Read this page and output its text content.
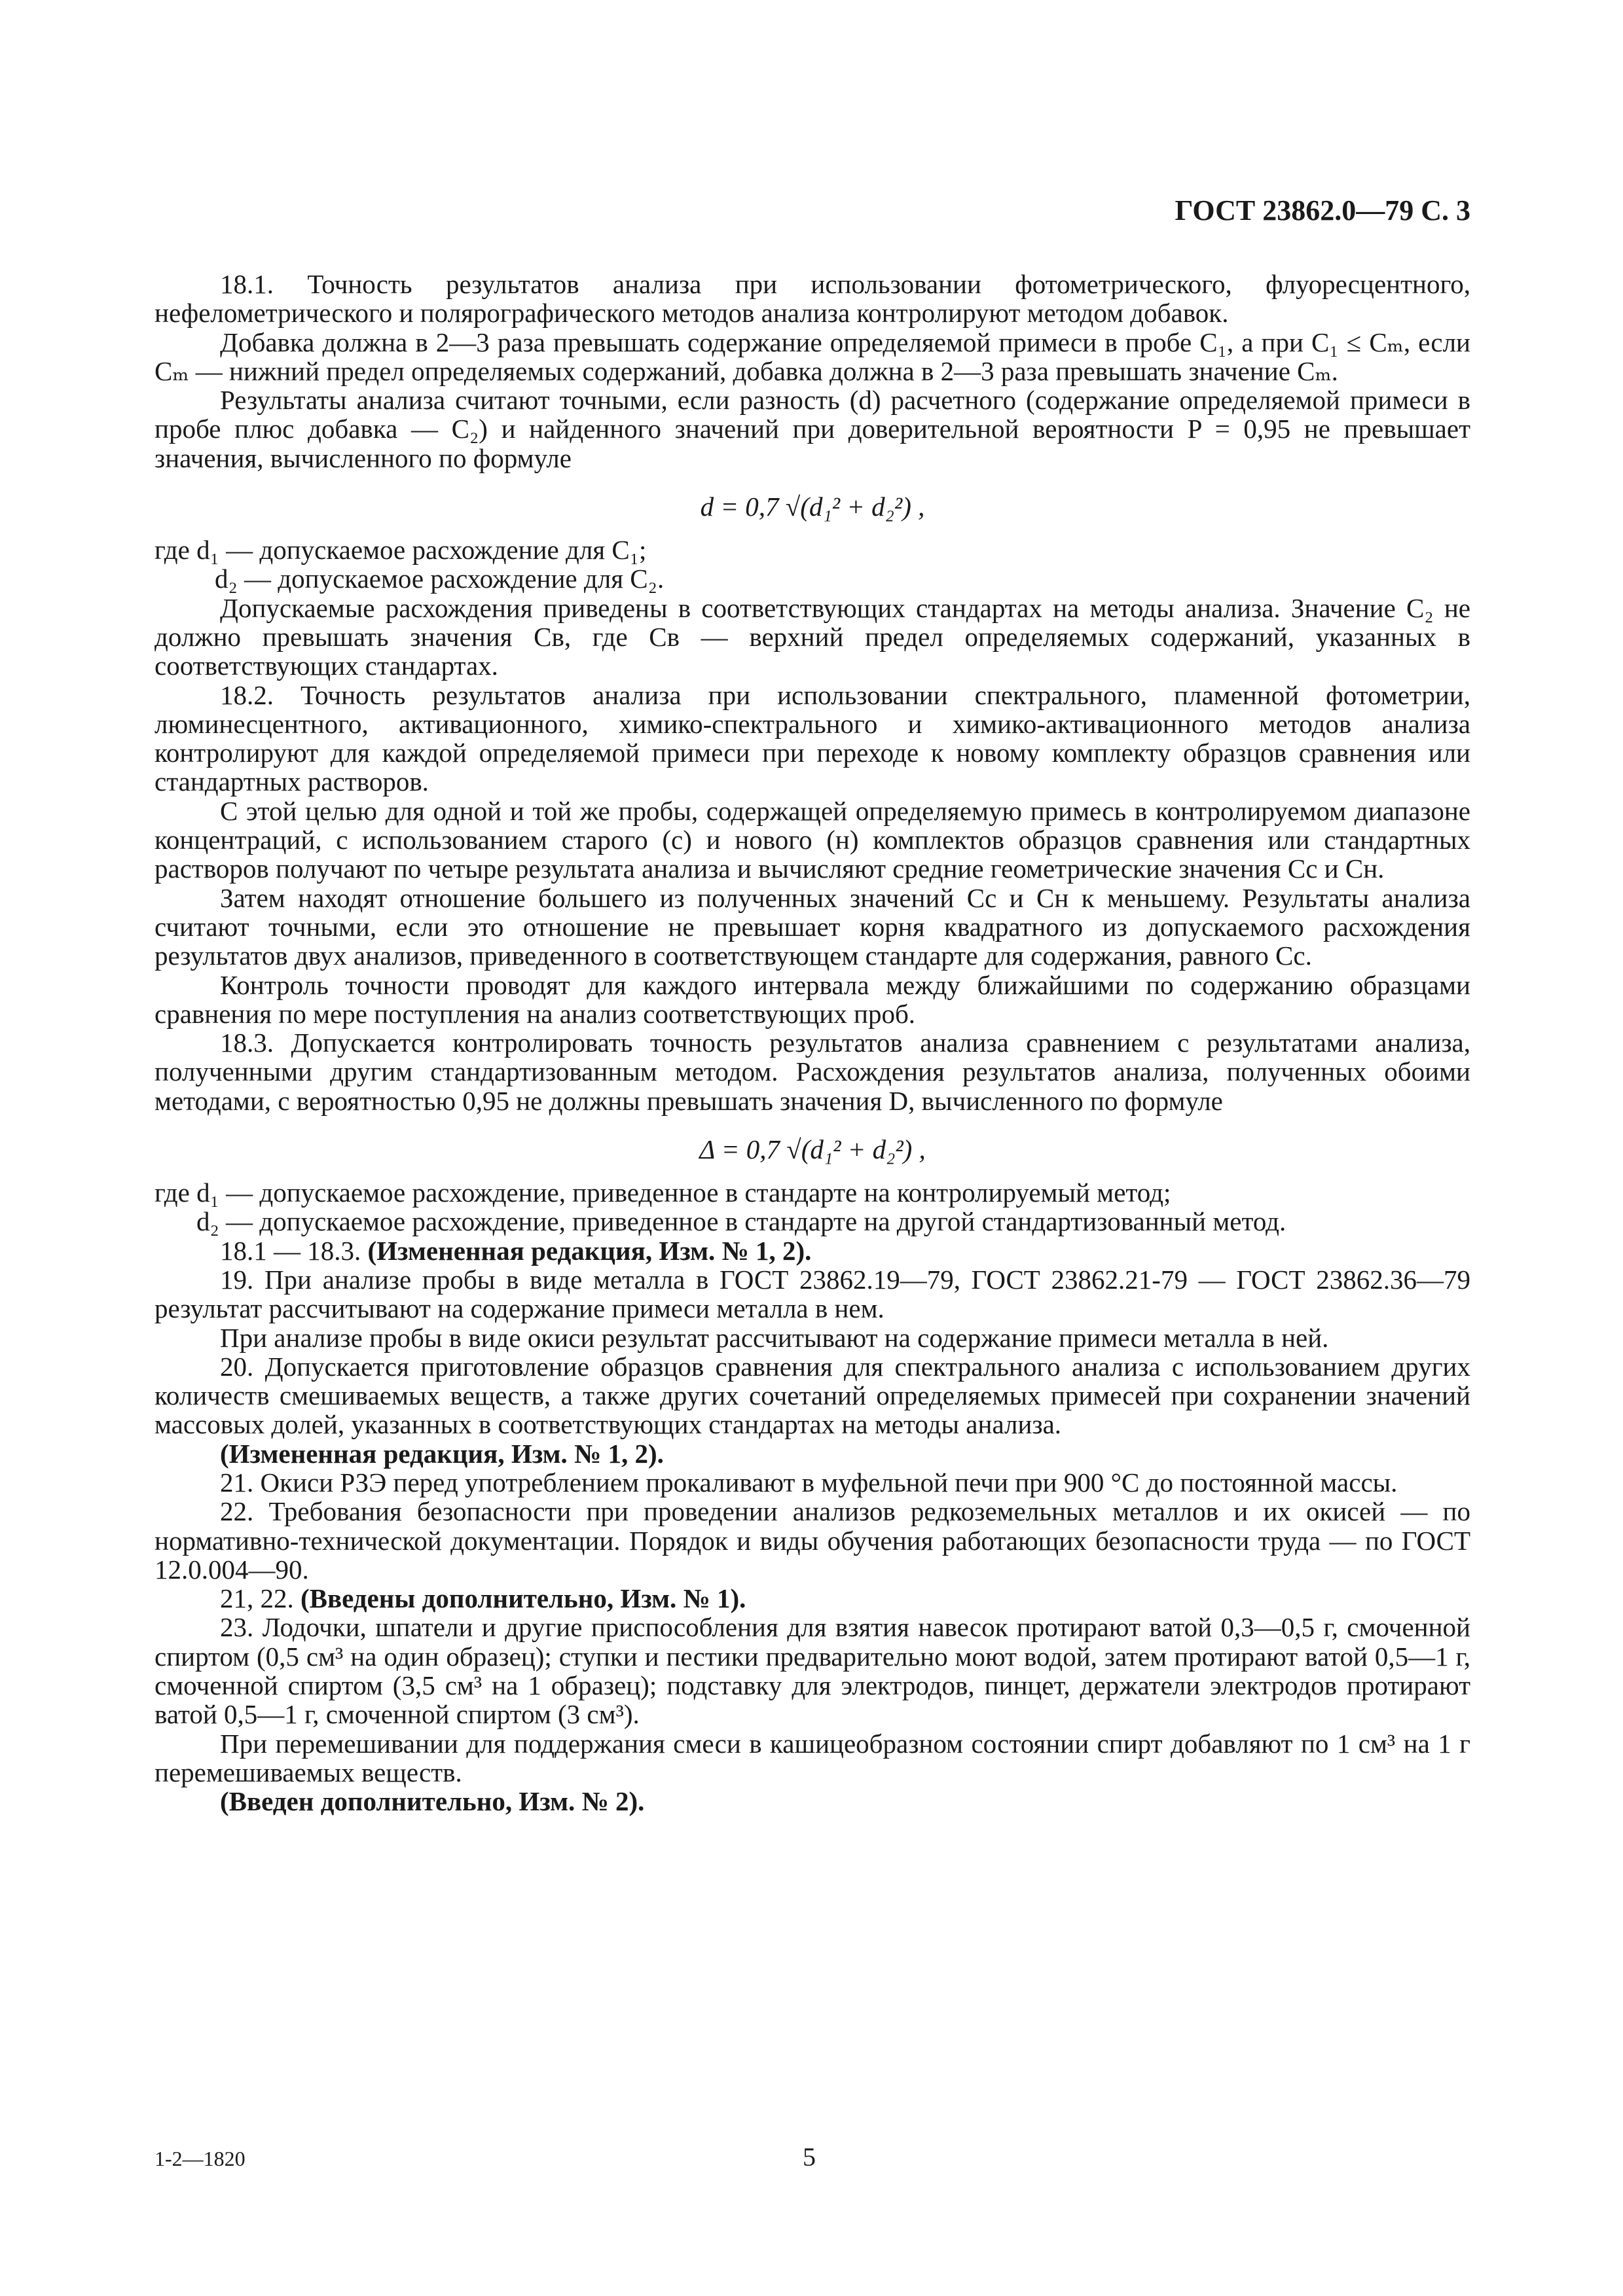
ГОСТ 23862.0—79 С. 3

18.1. Точность результатов анализа при использовании фотометрического, флуоресцентного, нефелометрического и полярографического методов анализа контролируют методом добавок.

Добавка должна в 2—3 раза превышать содержание определяемой примеси в пробе C₁, а при C₁ ≤ Cₘ, если Cₘ — нижний предел определяемых содержаний, добавка должна в 2—3 раза превышать значение Cₘ.

Результаты анализа считают точными, если разность (d) расчетного (содержание определяемой примеси в пробе плюс добавка — C₂) и найденного значений при доверительной вероятности P = 0,95 не превышает значения, вычисленного по формуле

d = 0,7 √(d₁² + d₂²) ,

где d₁ — допускаемое расхождение для C₁;

d₂ — допускаемое расхождение для C₂.

Допускаемые расхождения приведены в соответствующих стандартах на методы анализа. Значение C₂ не должно превышать значения Cв, где Cв — верхний предел определяемых содержаний, указанных в соответствующих стандартах.

18.2. Точность результатов анализа при использовании спектрального, пламенной фотометрии, люминесцентного, активационного, химико-спектрального и химико-активационного методов анализа контролируют для каждой определяемой примеси при переходе к новому комплекту образцов сравнения или стандартных растворов.

С этой целью для одной и той же пробы, содержащей определяемую примесь в контролируемом диапазоне концентраций, с использованием старого (с) и нового (н) комплектов образцов сравнения или стандартных растворов получают по четыре результата анализа и вычисляют средние геометрические значения Cс и Cн.

Затем находят отношение большего из полученных значений Cс и Cн к меньшему. Результаты анализа считают точными, если это отношение не превышает корня квадратного из допускаемого расхождения результатов двух анализов, приведенного в соответствующем стандарте для содержания, равного Cс.

Контроль точности проводят для каждого интервала между ближайшими по содержанию образцами сравнения по мере поступления на анализ соответствующих проб.

18.3. Допускается контролировать точность результатов анализа сравнением с результатами анализа, полученными другим стандартизованным методом. Расхождения результатов анализа, полученных обоими методами, с вероятностью 0,95 не должны превышать значения D, вычисленного по формуле

Δ = 0,7 √(d₁² + d₂²) ,

где d₁ — допускаемое расхождение, приведенное в стандарте на контролируемый метод;

d₂ — допускаемое расхождение, приведенное в стандарте на другой стандартизованный метод.

18.1 — 18.3. (Измененная редакция, Изм. № 1, 2).

19. При анализе пробы в виде металла в ГОСТ 23862.19—79, ГОСТ 23862.21-79 — ГОСТ 23862.36—79 результат рассчитывают на содержание примеси металла в нем.

При анализе пробы в виде окиси результат рассчитывают на содержание примеси металла в ней.

20. Допускается приготовление образцов сравнения для спектрального анализа с использованием других количеств смешиваемых веществ, а также других сочетаний определяемых примесей при сохранении значений массовых долей, указанных в соответствующих стандартах на методы анализа.

(Измененная редакция, Изм. № 1, 2).

21. Окиси РЗЭ перед употреблением прокаливают в муфельной печи при 900 °С до постоянной массы.

22. Требования безопасности при проведении анализов редкоземельных металлов и их окисей — по нормативно-технической документации. Порядок и виды обучения работающих безопасности труда — по ГОСТ 12.0.004—90.

21, 22. (Введены дополнительно, Изм. № 1).

23. Лодочки, шпатели и другие приспособления для взятия навесок протирают ватой 0,3—0,5 г, смоченной спиртом (0,5 см³ на один образец); ступки и пестики предварительно моют водой, затем протирают ватой 0,5—1 г, смоченной спиртом (3,5 см³ на 1 образец); подставку для электродов, пинцет, держатели электродов протирают ватой 0,5—1 г, смоченной спиртом (3 см³).

При перемешивании для поддержания смеси в кашицеобразном состоянии спирт добавляют по 1 см³ на 1 г перемешиваемых веществ.

(Введен дополнительно, Изм. № 2).

1-2—1820	5
